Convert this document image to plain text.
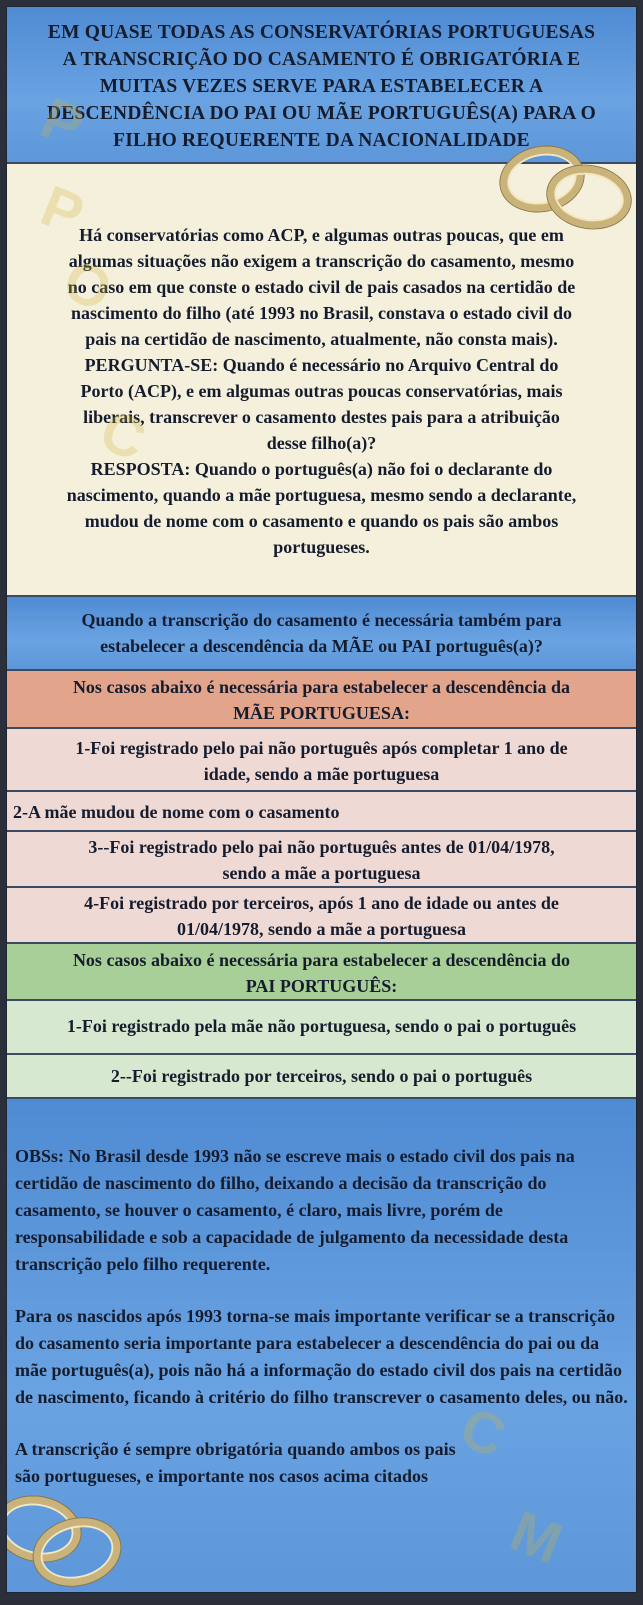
EM QUASE TODAS AS CONSERVATÓRIAS PORTUGUESAS
A TRANSCRIÇÃO DO CASAMENTO É OBRIGATÓRIA E
MUITAS VEZES SERVE PARA ESTABELECER A
DESCENDÊNCIA DO PAI OU MÃE PORTUGUÊS(A) PARA O
FILHO REQUERENTE DA NACIONALIDADE
Há conservatórias como ACP, e algumas outras poucas, que em
algumas situações não exigem a transcrição do casamento, mesmo
no caso em que conste o estado civil de pais casados na certidão de
nascimento do filho (até 1993 no Brasil, constava o estado civil do
pais na certidão de nascimento, atualmente, não consta mais).
PERGUNTA-SE: Quando é necessário no Arquivo Central do
Porto (ACP), e em algumas outras poucas conservatórias, mais
liberais, transcrever o casamento destes pais para a atribuição
desse filho(a)?
RESPOSTA: Quando o português(a) não foi o declarante do
nascimento, quando a mãe portuguesa, mesmo sendo a declarante,
mudou de nome com o casamento e quando os pais são ambos
portugueses.
Quando a transcrição do casamento é necessária também para
estabelecer a descendência da MÃE ou PAI português(a)?
Nos casos abaixo é necessária para estabelecer a descendência da
MÃE PORTUGUESA:
1-Foi registrado pelo pai não português após completar 1 ano de
idade, sendo a mãe portuguesa
2-A mãe mudou de nome com o casamento
3--Foi registrado pelo pai não português antes de 01/04/1978,
sendo a mãe a portuguesa
4-Foi registrado por terceiros, após 1 ano de idade ou antes de
01/04/1978, sendo a mãe a portuguesa
Nos casos abaixo é necessária para estabelecer a descendência do
PAI PORTUGUÊS:
1-Foi registrado pela mãe não portuguesa, sendo o pai o português
2--Foi registrado por terceiros, sendo o pai o português
M
C

OBSs: No Brasil desde 1993 não se escreve mais o estado civil dos pais na certidão de nascimento do filho, deixando a decisão da transcrição do casamento, se houver o casamento, é claro, mais livre, porém de responsabilidade e sob a capacidade de julgamento da necessidade desta transcrição pelo filho requerente.

Para os nascidos após 1993 torna-se mais importante verificar se a transcrição do casamento seria importante para estabelecer a descendência do pai ou da mãe português(a), pois não há a informação do estado civil dos pais na certidão de nascimento, ficando à critério do filho transcrever o casamento deles, ou não.

A transcrição é sempre obrigatória quando ambos os pais são portugueses, e importante nos casos acima citados

P
O
C
P
